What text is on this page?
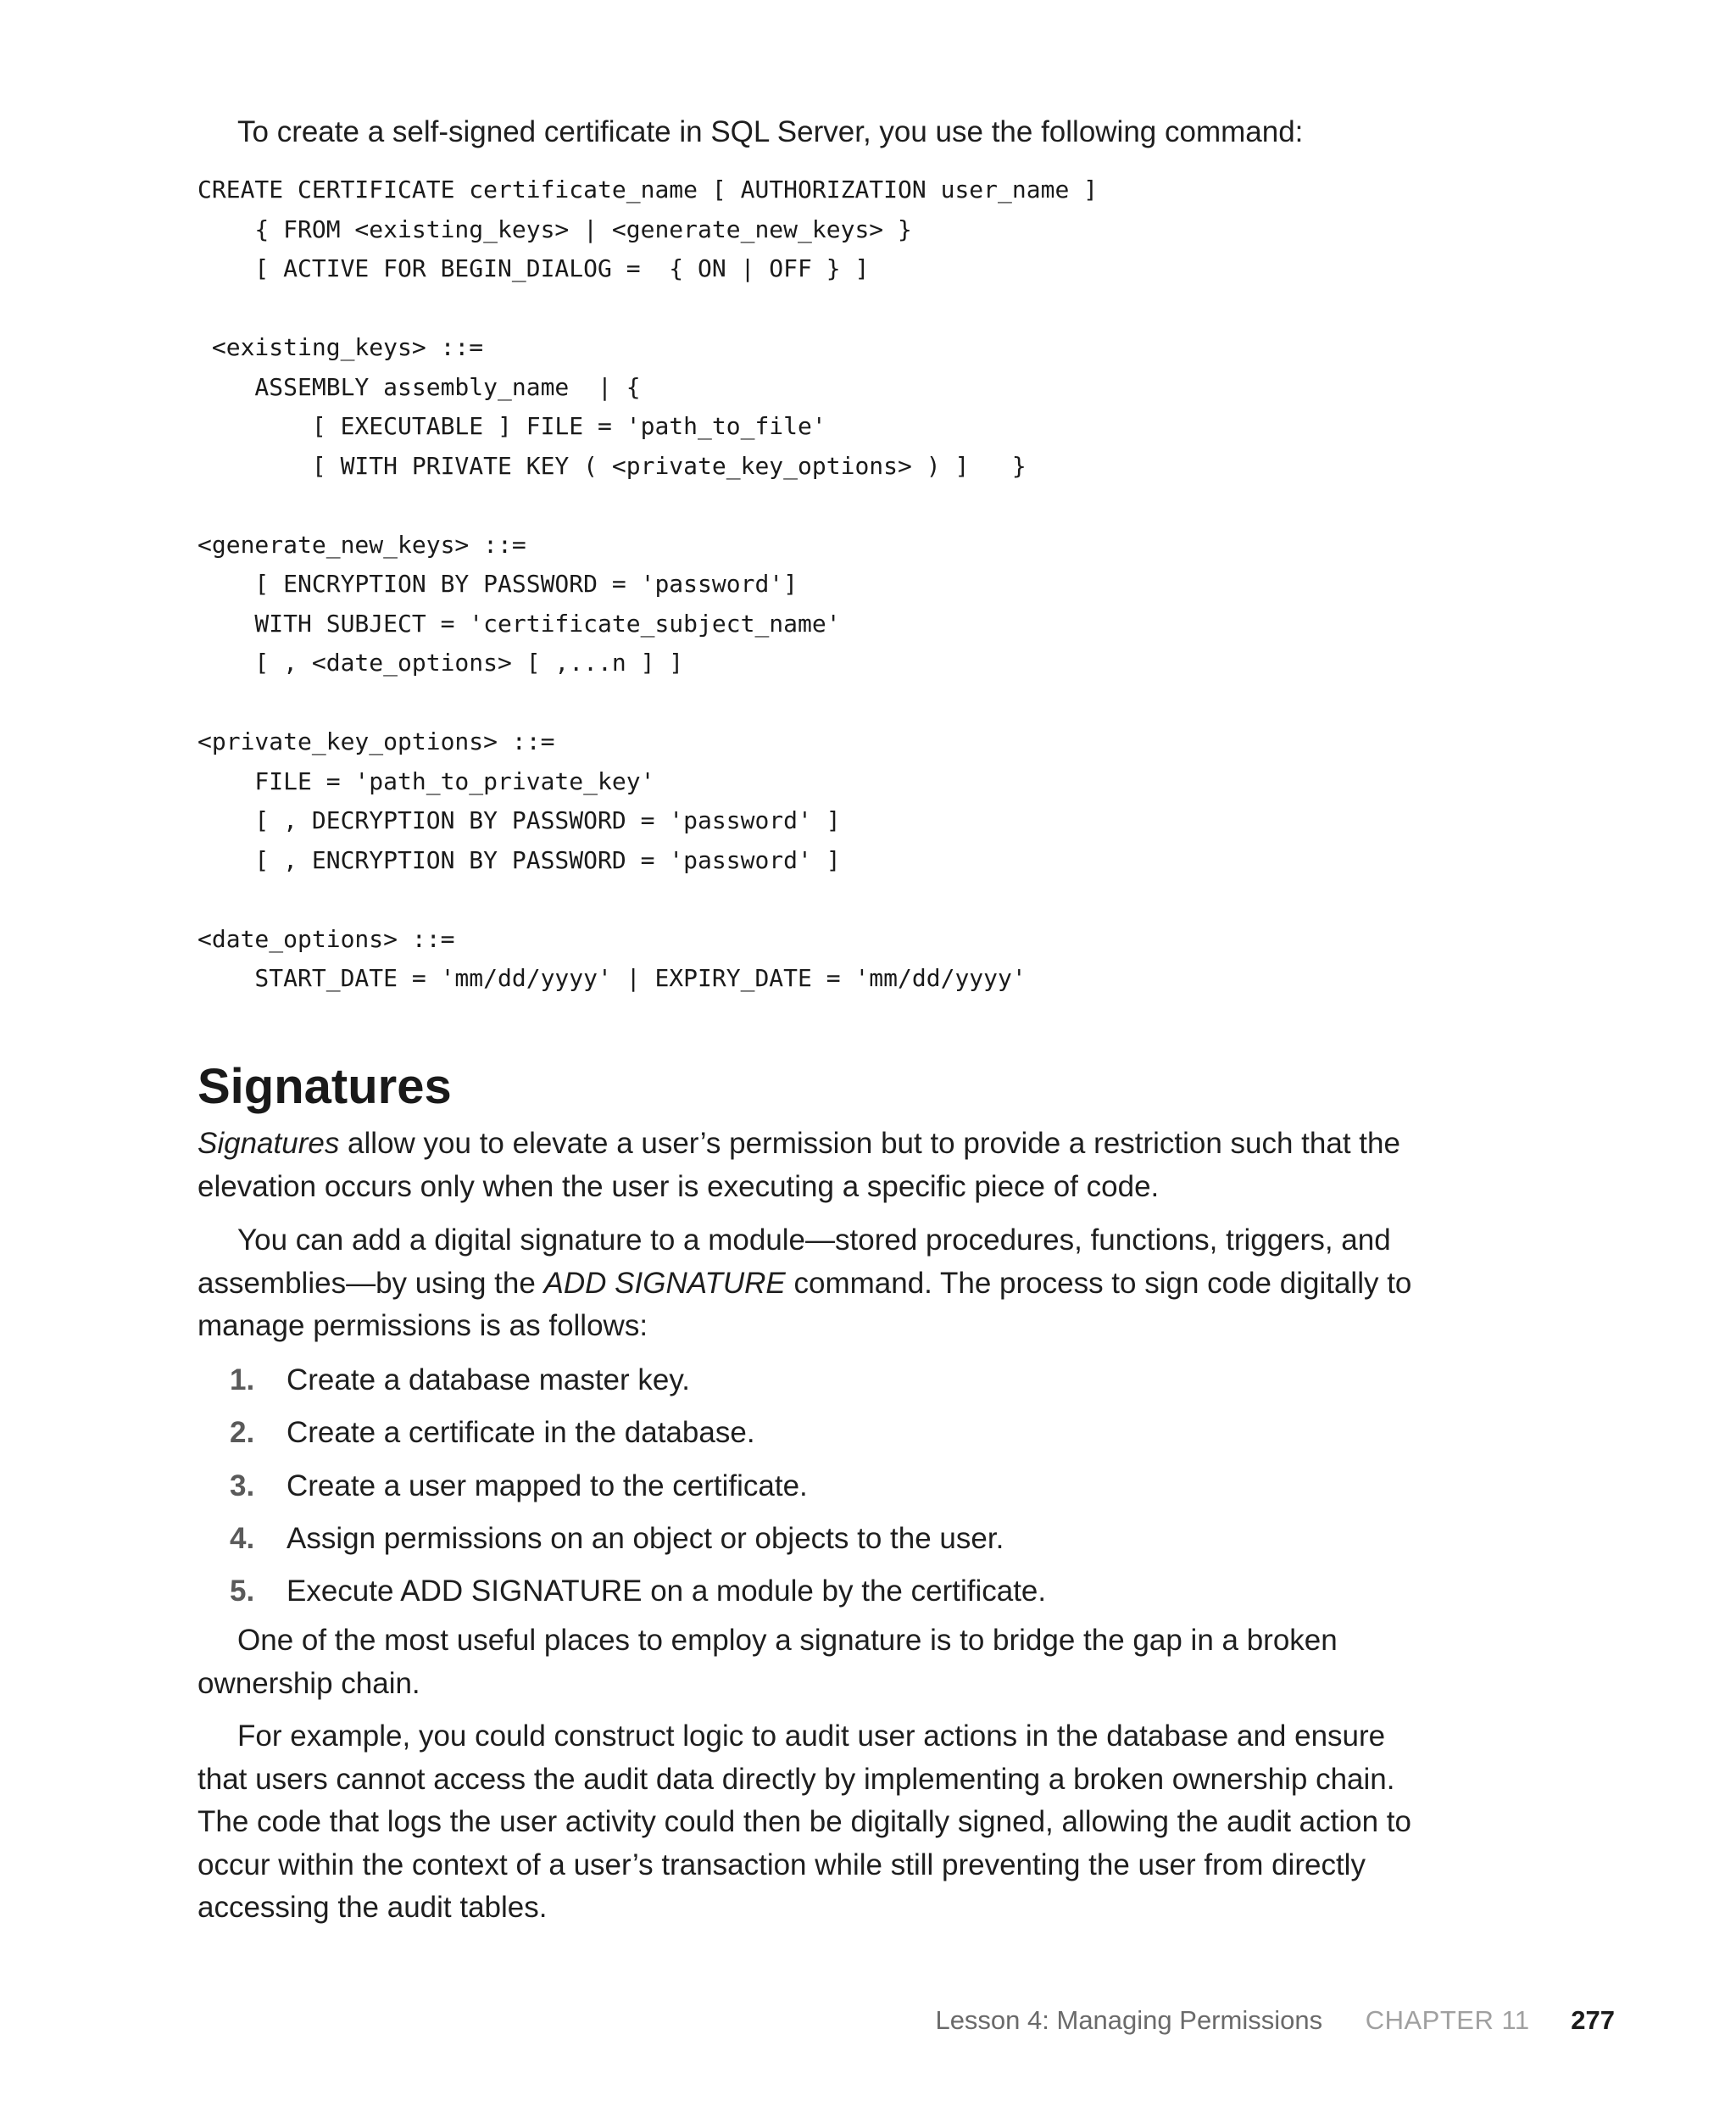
To create a self-signed certificate in SQL Server, you use the following command:

CREATE CERTIFICATE certificate_name [ AUTHORIZATION user_name ]
{ FROM <existing_keys> | <generate_new_keys> }
[ ACTIVE FOR BEGIN_DIALOG =  { ON | OFF } ]
<existing_keys> ::=
ASSEMBLY assembly_name  | {
[ EXECUTABLE ] FILE = 'path_to_file'
[ WITH PRIVATE KEY ( <private_key_options> ) ]   }
<generate_new_keys> ::=
[ ENCRYPTION BY PASSWORD = 'password']
WITH SUBJECT = 'certificate_subject_name'
[ , <date_options> [ ,...n ] ]
<private_key_options> ::=
FILE = 'path_to_private_key'
[ , DECRYPTION BY PASSWORD = 'password' ]
[ , ENCRYPTION BY PASSWORD = 'password' ]
<date_options> ::=
START_DATE = 'mm/dd/yyyy' | EXPIRY_DATE = 'mm/dd/yyyy'
Signatures

Signatures allow you to elevate a user’s permission but to provide a restriction such that the elevation occurs only when the user is executing a specific piece of code.

You can add a digital signature to a module—stored procedures, functions, triggers, and assemblies—by using the ADD SIGNATURE command. The process to sign code digitally to manage permissions is as follows:

1.	Create a database master key.
2.	Create a certificate in the database.
3.	Create a user mapped to the certificate.
4.	Assign permissions on an object or objects to the user.
5.	Execute ADD SIGNATURE on a module by the certificate.

One of the most useful places to employ a signature is to bridge the gap in a broken ownership chain.

For example, you could construct logic to audit user actions in the database and ensure that users cannot access the audit data directly by implementing a broken ownership chain. The code that logs the user activity could then be digitally signed, allowing the audit action to occur within the context of a user’s transaction while still preventing the user from directly accessing the audit tables.

Lesson 4: Managing Permissions CHAPTER 11 277
